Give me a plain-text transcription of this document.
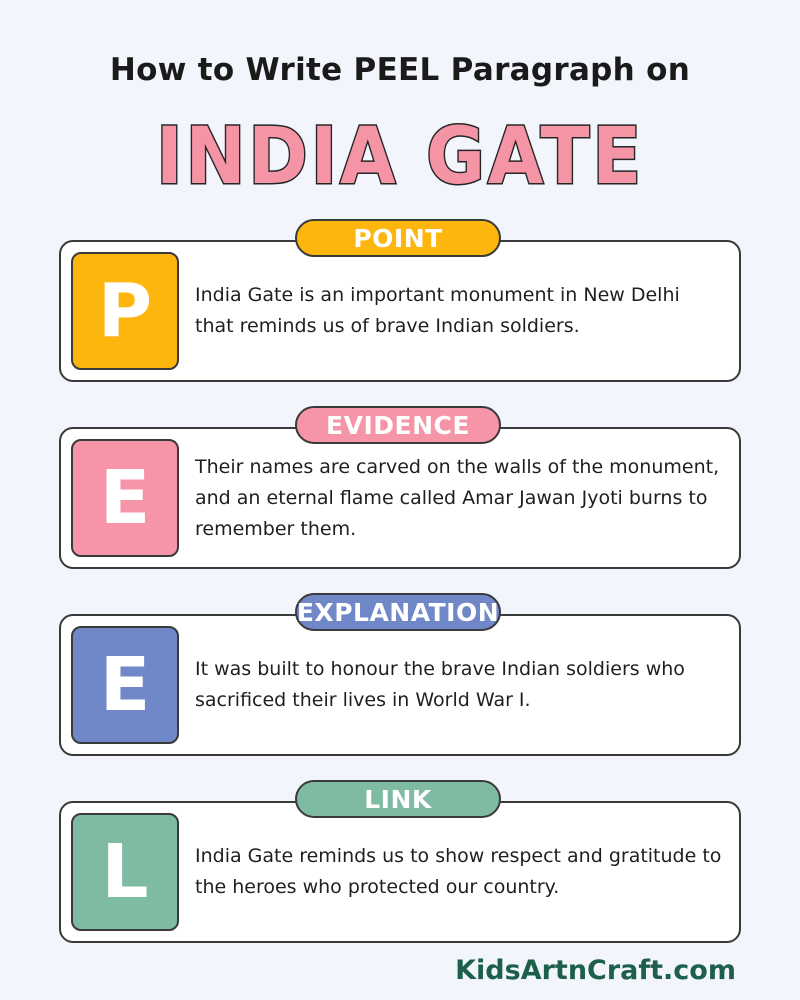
How to Write PEEL Paragraph on
INDIA GATE
P	India Gate is an important monument in New Delhi that reminds us of brave Indian soldiers.
POINT
E	Their names are carved on the walls of the monument, and an eternal flame called Amar Jawan Jyoti burns to remember them.
EVIDENCE
E	It was built to honour the brave Indian soldiers who sacrificed their lives in World War I.
EXPLANATION
L	India Gate reminds us to show respect and gratitude to the heroes who protected our country.
LINK
KidsArtnCraft.com
